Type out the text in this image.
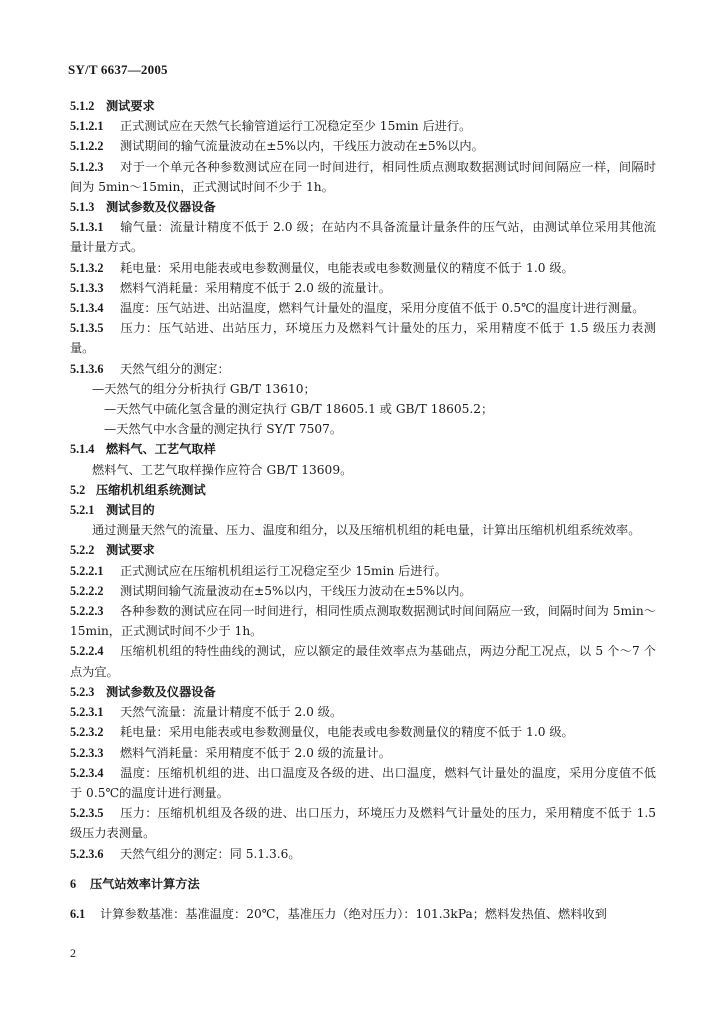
SY/T 6637—2005
5.1.2 测试要求
5.1.2.1 正式测试应在天然气长输管道运行工况稳定至少 15min 后进行。
5.1.2.2 测试期间的输气流量波动在±5%以内，干线压力波动在±5%以内。
5.1.2.3 对于一个单元各种参数测试应在同一时间进行，相同性质点测取数据测试时间间隔应一样，间隔时间为 5min～15min，正式测试时间不少于 1h。
5.1.3 测试参数及仪器设备
5.1.3.1 输气量：流量计精度不低于 2.0 级；在站内不具备流量计量条件的压气站，由测试单位采用其他流量计量方式。
5.1.3.2 耗电量：采用电能表或电参数测量仪，电能表或电参数测量仪的精度不低于 1.0 级。
5.1.3.3 燃料气消耗量：采用精度不低于 2.0 级的流量计。
5.1.3.4 温度：压气站进、出站温度，燃料气计量处的温度，采用分度值不低于 0.5℃的温度计进行测量。
5.1.3.5 压力：压气站进、出站压力，环境压力及燃料气计量处的压力，采用精度不低于 1.5 级压力表测量。
5.1.3.6 天然气组分的测定：
—天然气的组分分析执行 GB/T 13610；
—天然气中硫化氢含量的测定执行 GB/T 18605.1 或 GB/T 18605.2；
—天然气中水含量的测定执行 SY/T 7507。
5.1.4 燃料气、工艺气取样
燃料气、工艺气取样操作应符合 GB/T 13609。
5.2 压缩机机组系统测试
5.2.1 测试目的
通过测量天然气的流量、压力、温度和组分，以及压缩机机组的耗电量，计算出压缩机机组系统效率。
5.2.2 测试要求
5.2.2.1 正式测试应在压缩机机组运行工况稳定至少 15min 后进行。
5.2.2.2 测试期间输气流量波动在±5%以内，干线压力波动在±5%以内。
5.2.2.3 各种参数的测试应在同一时间进行，相同性质点测取数据测试时间间隔应一致，间隔时间为 5min～15min，正式测试时间不少于 1h。
5.2.2.4 压缩机机组的特性曲线的测试，应以额定的最佳效率点为基础点，两边分配工况点，以 5 个～7 个点为宜。
5.2.3 测试参数及仪器设备
5.2.3.1 天然气流量：流量计精度不低于 2.0 级。
5.2.3.2 耗电量：采用电能表或电参数测量仪，电能表或电参数测量仪的精度不低于 1.0 级。
5.2.3.3 燃料气消耗量：采用精度不低于 2.0 级的流量计。
5.2.3.4 温度：压缩机机组的进、出口温度及各级的进、出口温度，燃料气计量处的温度，采用分度值不低于 0.5℃的温度计进行测量。
5.2.3.5 压力：压缩机机组及各级的进、出口压力，环境压力及燃料气计量处的压力，采用精度不低于 1.5 级压力表测量。
5.2.3.6 天然气组分的测定：同 5.1.3.6。
6 压气站效率计算方法
6.1 计算参数基准：基准温度：20℃，基准压力（绝对压力）：101.3kPa；燃料发热值、燃料收到
2
